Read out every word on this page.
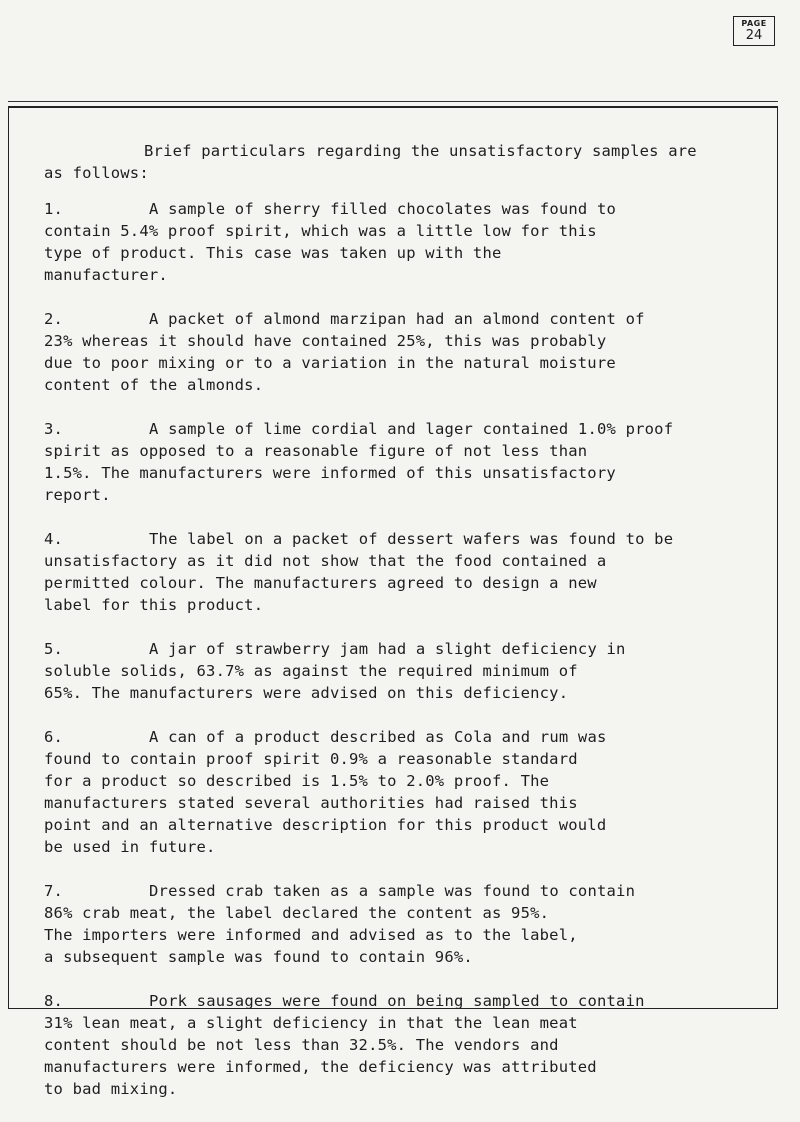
PAGE
24
Brief particulars regarding the unsatisfactory samples are
as follows:
1.	A sample of sherry filled chocolates was found to
contain 5.4% proof spirit, which was a little low for this
type of product. This case was taken up with the
manufacturer.
2.	A packet of almond marzipan had an almond content of
23% whereas it should have contained 25%, this was probably
due to poor mixing or to a variation in the natural moisture
content of the almonds.
3.	A sample of lime cordial and lager contained 1.0% proof
spirit as opposed to a reasonable figure of not less than
1.5%. The manufacturers were informed of this unsatisfactory
report.
4.	The label on a packet of dessert wafers was found to be
unsatisfactory as it did not show that the food contained a
permitted colour. The manufacturers agreed to design a new
label for this product.
5.	A jar of strawberry jam had a slight deficiency in
soluble solids, 63.7% as against the required minimum of
65%. The manufacturers were advised on this deficiency.
6.	A can of a product described as Cola and rum was
found to contain proof spirit 0.9% a reasonable standard
for a product so described is 1.5% to 2.0% proof. The
manufacturers stated several authorities had raised this
point and an alternative description for this product would
be used in future.
7.	Dressed crab taken as a sample was found to contain
86% crab meat, the label declared the content as 95%.
The importers were informed and advised as to the label,
a subsequent sample was found to contain 96%.
8.	Pork sausages were found on being sampled to contain
31% lean meat, a slight deficiency in that the lean meat
content should be not less than 32.5%. The vendors and
manufacturers were informed, the deficiency was attributed
to bad mixing.
